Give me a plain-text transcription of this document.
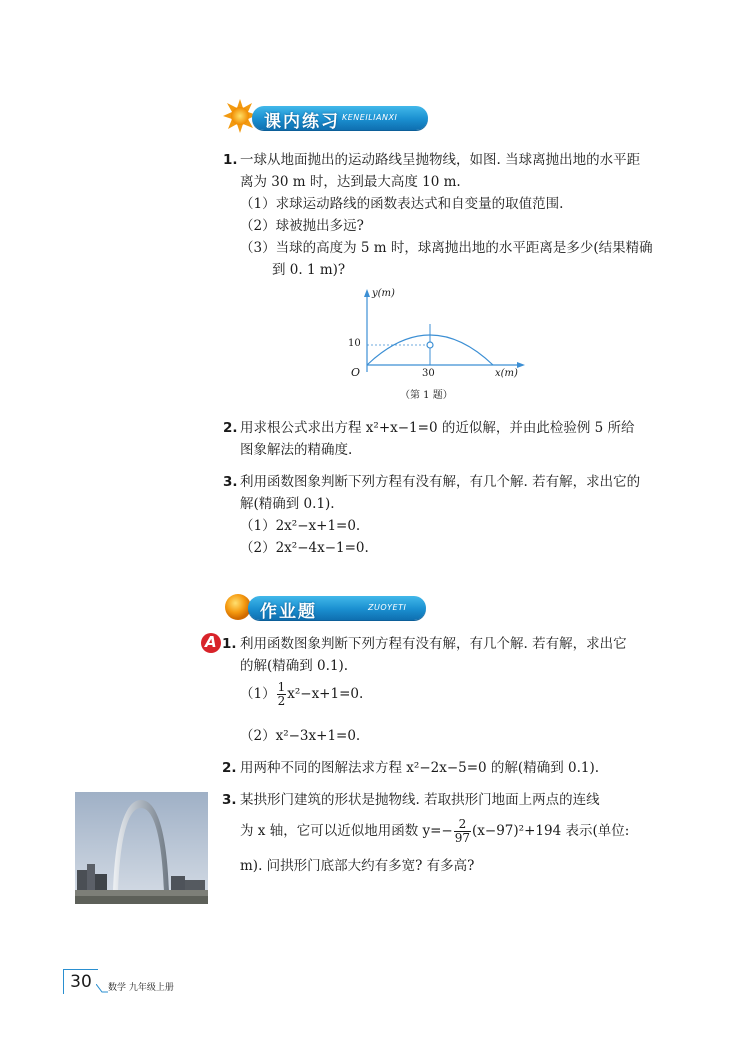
课内练习 KENEILIANXI
1. 一球从地面抛出的运动路线呈抛物线，如图. 当球离抛出地的水平距
离为 30 m 时，达到最大高度 10 m.
（1）求球运动路线的函数表达式和自变量的取值范围.
（2）球被抛出多远?
（3）当球的高度为 5 m 时，球离抛出地的水平距离是多少(结果精确
到 0. 1 m)?
y(m)
10
O	30	x(m)
（第 1 题）
2. 用求根公式求出方程 x²+x−1=0 的近似解，并由此检验例 5 所给
图象解法的精确度.
3. 利用函数图象判断下列方程有没有解，有几个解. 若有解，求出它的
解(精确到 0.1).
（1）2x²−x+1=0.
（2）2x²−4x−1=0.
作业题	ZUOYETI
A 1. 利用函数图象判断下列方程有没有解，有几个解. 若有解，求出它
的解(精确到 0.1).
$(1) \frac{1}{2} x^2-x+1=0$.
（2）x²−3x+1=0.
2. 用两种不同的图解法求方程 x²−2x−5=0 的解(精确到 0.1).
3. 某拱形门建筑的形状是抛物线. 若取拱形门地面上两点的连线
为 x 轴，它可以近似地用函数 $y=- \frac{2}{97} (x-97)^2+194$ 表示(单位:
m). 问拱形门底部大约有多宽? 有多高?
30	数学 九年级上册
